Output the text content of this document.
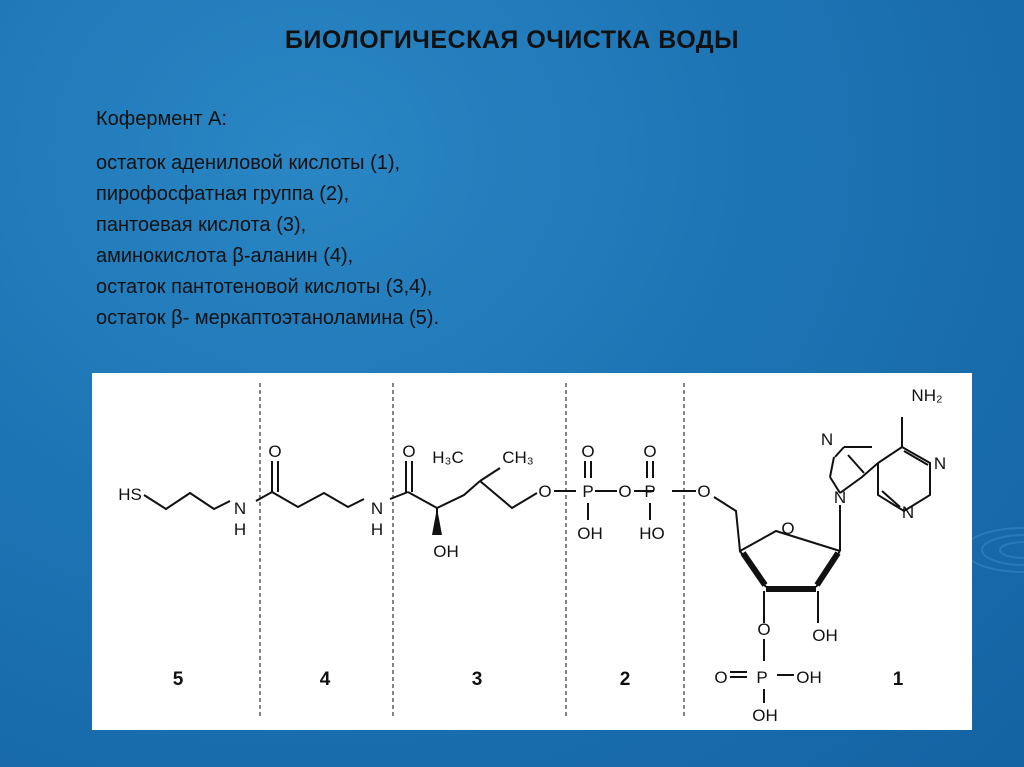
БИОЛОГИЧЕСКАЯ ОЧИСТКА ВОДЫ
Кофермент А:
остаток адениловой кислоты (1),
пирофосфатная группа (2),
пантоевая кислота (3),
аминокислота β-аланин (4),
остаток пантотеновой кислоты (3,4),
остаток β- меркаптоэтаноламина (5).
HS
N
H
O
N
H
O H₃C CH₃
OH
O P
O
OH
O P
O
HO
O
O
O OH
O P OH
OH
N
N
N
N
NH₂
5	4	3	2	1
